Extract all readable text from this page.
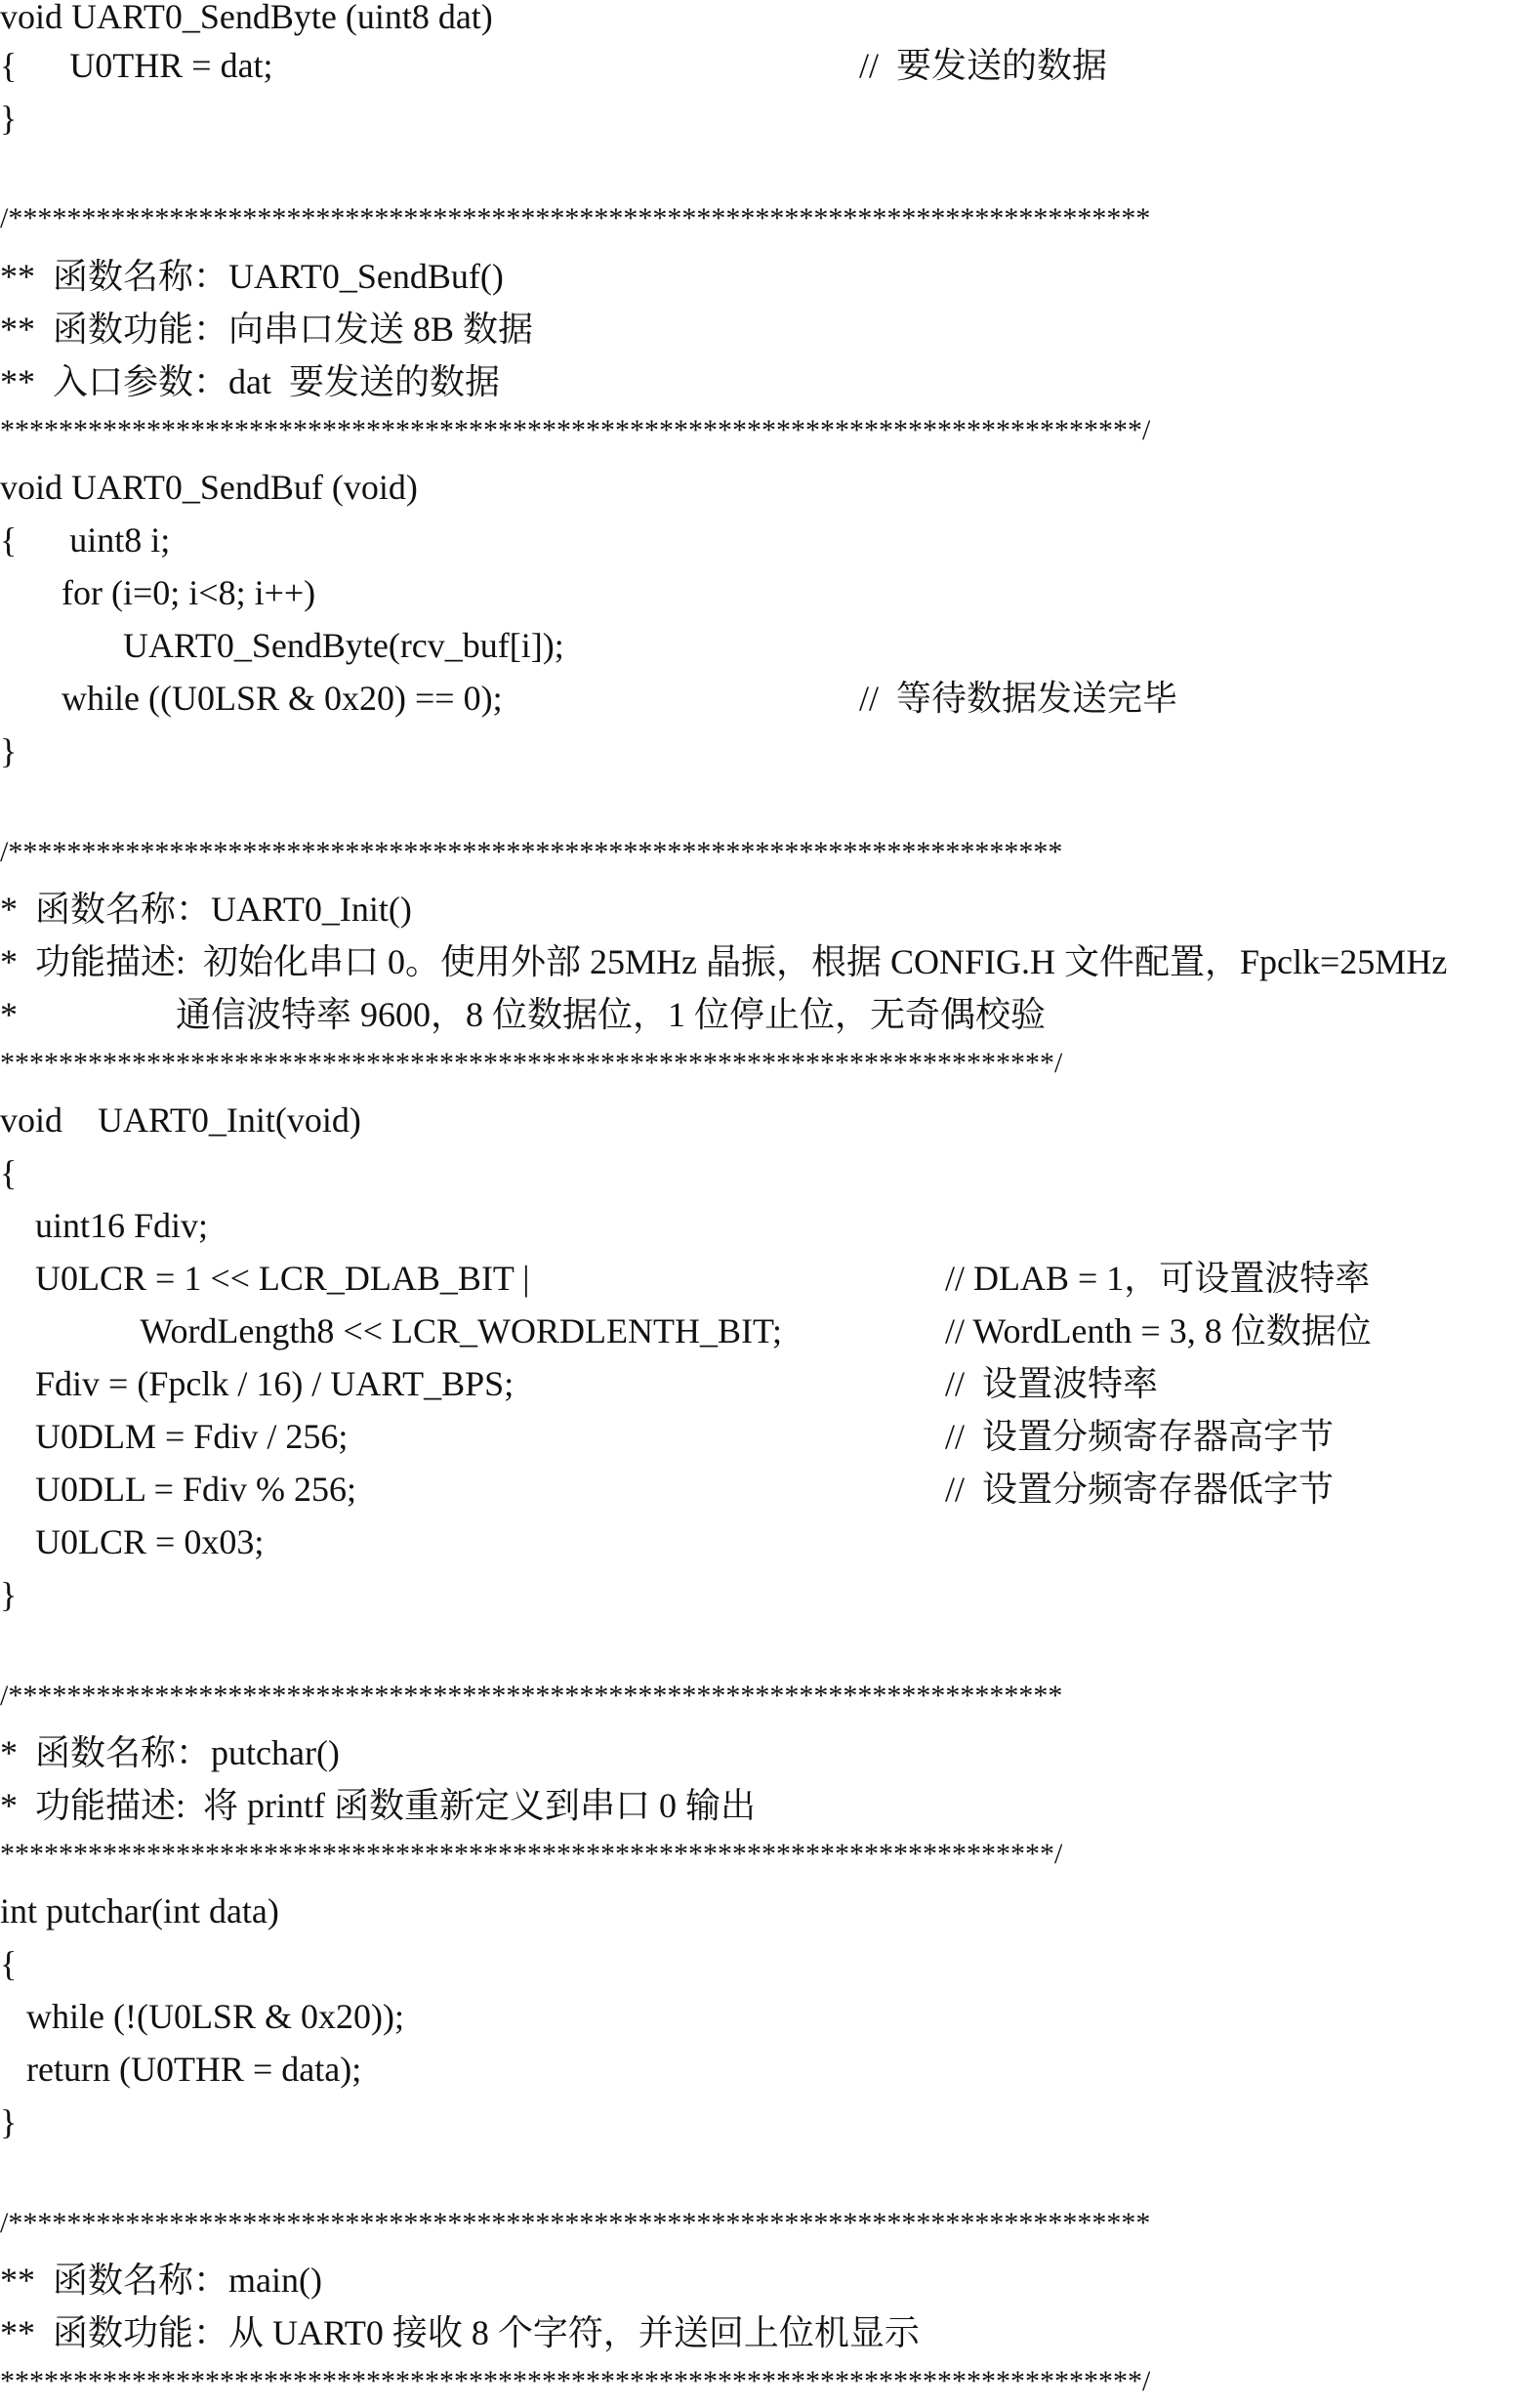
void UART0_SendByte (uint8 dat)
{      U0THR = dat;	//  要发送的数据
}
/******************************************************************************
**  函数名称：UART0_SendBuf()
**  函数功能：向串口发送 8B 数据
**  入口参数：dat  要发送的数据
******************************************************************************/
void UART0_SendBuf (void)
{      uint8 i;
for (i=0; i<8; i++)
UART0_SendByte(rcv_buf[i]);
while ((U0LSR & 0x20) == 0);	//  等待数据发送完毕
}
/************************************************************************
*  函数名称：UART0_Init()
*  功能描述:  初始化串口 0。使用外部 25MHz 晶振，根据 CONFIG.H 文件配置，Fpclk=25MHz
*                  通信波特率 9600，8 位数据位，1 位停止位，无奇偶校验
************************************************************************/
void    UART0_Init(void)
{
uint16 Fdiv;
U0LCR = 1 << LCR_DLAB_BIT |	// DLAB = 1，可设置波特率
WordLength8 << LCR_WORDLENTH_BIT;	// WordLenth = 3, 8 位数据位
Fdiv = (Fpclk / 16) / UART_BPS;	//  设置波特率
U0DLM = Fdiv / 256;	//  设置分频寄存器高字节
U0DLL = Fdiv % 256;	//  设置分频寄存器低字节
U0LCR = 0x03;
}
/************************************************************************
*  函数名称：putchar()
*  功能描述:  将 printf 函数重新定义到串口 0 输出
************************************************************************/
int putchar(int data)
{
while (!(U0LSR & 0x20));
return (U0THR = data);
}
/******************************************************************************
**  函数名称：main()
**  函数功能：从 UART0 接收 8 个字符，并送回上位机显示
******************************************************************************/
